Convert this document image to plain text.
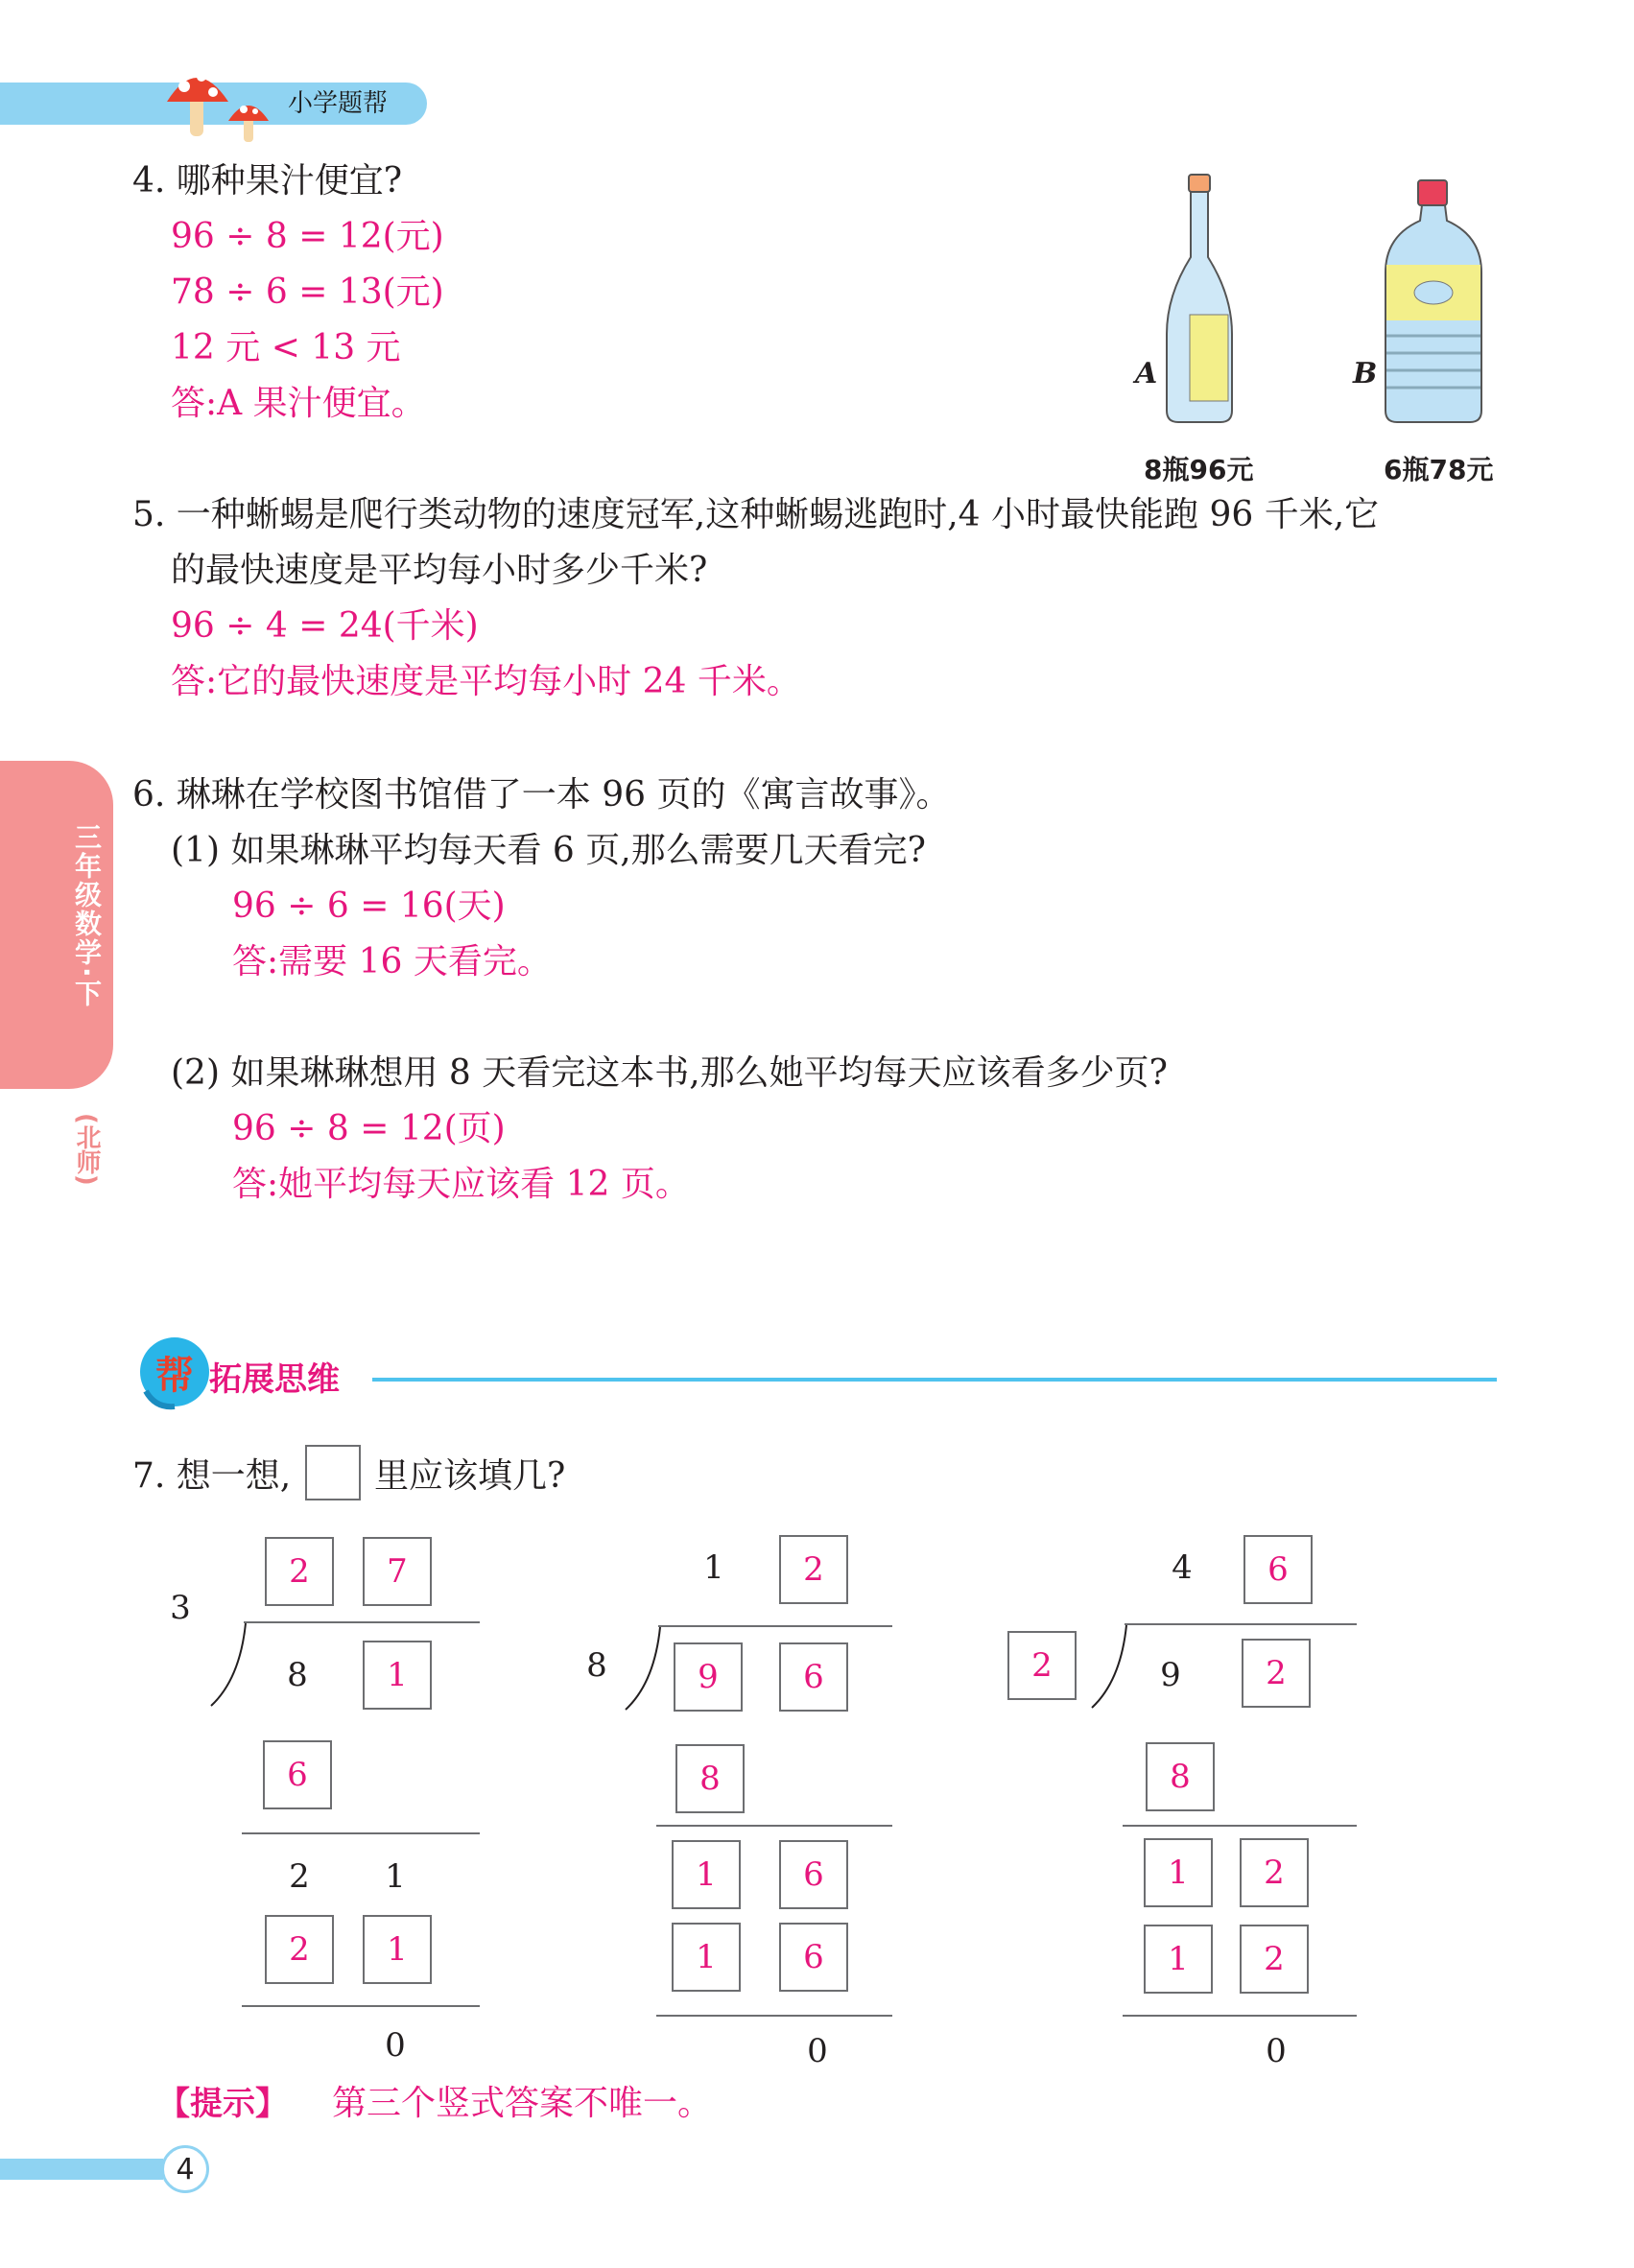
小学题帮
三年级数学·下
(北师)
4. 哪种果汁便宜?
96 ÷ 8 = 12(元)
78 ÷ 6 = 13(元)
12 元 < 13 元
答:A 果汁便宜。
A
8瓶96元
B
6瓶78元
5. 一种蜥蜴是爬行类动物的速度冠军,这种蜥蜴逃跑时,4 小时最快能跑 96 千米,它
的最快速度是平均每小时多少千米?
96 ÷ 4 = 24(千米)
答:它的最快速度是平均每小时 24 千米。
6. 琳琳在学校图书馆借了一本 96 页的《寓言故事》。
(1) 如果琳琳平均每天看 6 页,那么需要几天看完?
96 ÷ 6 = 16(天)
答:需要 16 天看完。
(2) 如果琳琳想用 8 天看完这本书,那么她平均每天应该看多少页?
96 ÷ 8 = 12(页)
答:她平均每天应该看 12 页。
帮 拓展思维
7. 想一想, 里应该填几?
2	7
3
8	1
6
2	1
2	1
0
1	2
8	9	6
8
1	6
1	6
0
4	6
2	9	2
8
1	2
1	2
0
【提示】 第三个竖式答案不唯一。
4
